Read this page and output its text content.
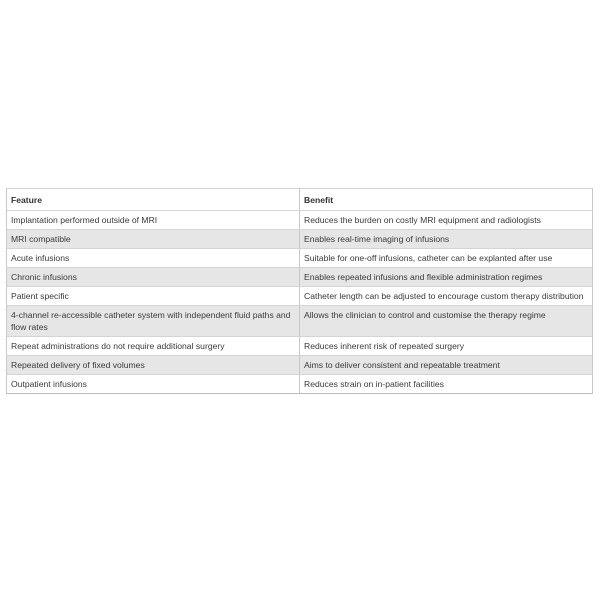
Feature	Benefit
Implantation performed outside of MRI	Reduces the burden on costly MRI equipment and radiologists
MRI compatible	Enables real-time imaging of infusions
Acute infusions	Suitable for one-off infusions, catheter can be explanted after use
Chronic infusions	Enables repeated infusions and flexible administration regimes
Patient specific	Catheter length can be adjusted to encourage custom therapy distribution
4-channel re-accessible catheter system with independent fluid paths and flow rates	Allows the clinician to control and customise the therapy regime
Repeat administrations do not require additional surgery	Reduces inherent risk of repeated surgery
Repeated delivery of fixed volumes	Aims to deliver consistent and repeatable treatment
Outpatient infusions	Reduces strain on in-patient facilities
